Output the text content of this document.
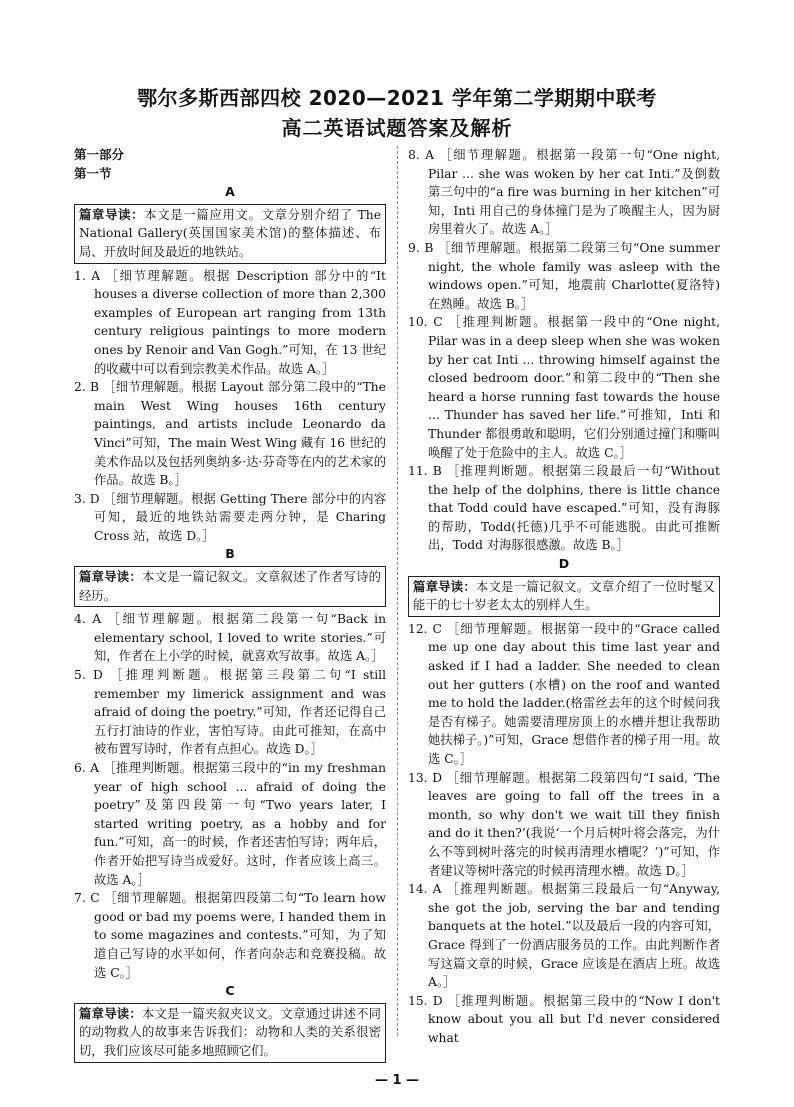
鄂尔多斯西部四校 2020—2021 学年第二学期期中联考
高二英语试题答案及解析
第一部分
第一节
A
篇章导读：本文是一篇应用文。文章分别介绍了 The National Gallery(英国国家美术馆)的整体描述、布局、开放时间及最近的地铁站。

1. A ［细节理解题。根据 Description 部分中的“It houses a diverse collection of more than 2,300 examples of European art ranging from 13th century religious paintings to more modern ones by Renoir and Van Gogh.”可知，在 13 世纪的收藏中可以看到宗教美术作品。故选 A。］

2. B ［细节理解题。根据 Layout 部分第二段中的“The main West Wing houses 16th century paintings, and artists include Leonardo da Vinci”可知，The main West Wing 藏有 16 世纪的美术作品以及包括列奥纳多·达·芬奇等在内的艺术家的作品。故选 B。］

3. D ［细节理解题。根据 Getting There 部分中的内容可知，最近的地铁站需要走两分钟，是 Charing Cross 站，故选 D。］

B
篇章导读：本文是一篇记叙文。文章叙述了作者写诗的经历。

4. A ［细节理解题。根据第二段第一句“Back in elementary school, I loved to write stories.”可知，作者在上小学的时候，就喜欢写故事。故选 A。］

5. D ［推理判断题。根据第三段第二句“I still remember my limerick assignment and was afraid of doing the poetry.”可知，作者还记得自己五行打油诗的作业，害怕写诗。由此可推知，在高中被布置写诗时，作者有点担心。故选 D。］

6. A ［推理判断题。根据第三段中的“in my freshman year of high school ... afraid of doing the poetry”及第四段第一句“Two years later, I started writing poetry, as a hobby and for fun.”可知，高一的时候，作者还害怕写诗；两年后，作者开始把写诗当成爱好。这时，作者应该上高三。故选 A。］

7. C ［细节理解题。根据第四段第二句“To learn how good or bad my poems were, I handed them in to some magazines and contests.”可知，为了知道自己写诗的水平如何，作者向杂志和竞赛投稿。故选 C。］

C
篇章导读：本文是一篇夹叙夹议文。文章通过讲述不同的动物救人的故事来告诉我们：动物和人类的关系很密切，我们应该尽可能多地照顾它们。

8. A ［细节理解题。根据第一段第一句“One night, Pilar ... she was woken by her cat Inti.”及倒数第三句中的“a fire was burning in her kitchen”可知，Inti 用自己的身体撞门是为了唤醒主人，因为厨房里着火了。故选 A。］

9. B ［细节理解题。根据第二段第三句“One summer night, the whole family was asleep with the windows open.”可知，地震前 Charlotte(夏洛特)在熟睡。故选 B。］

10. C ［推理判断题。根据第一段中的“One night, Pilar was in a deep sleep when she was woken by her cat Inti ... throwing himself against the closed bedroom door.”和第二段中的“Then she heard a horse running fast towards the house ... Thunder has saved her life.”可推知，Inti 和 Thunder 都很勇敢和聪明，它们分别通过撞门和嘶叫唤醒了处于危险中的主人。故选 C。］

11. B ［推理判断题。根据第三段最后一句“Without the help of the dolphins, there is little chance that Todd could have escaped.”可知，没有海豚的帮助，Todd(托德)几乎不可能逃脱。由此可推断出，Todd 对海豚很感激。故选 B。］

D
篇章导读：本文是一篇记叙文。文章介绍了一位时髦又能干的七十岁老太太的别样人生。

12. C ［细节理解题。根据第一段中的“Grace called me up one day about this time last year and asked if I had a ladder. She needed to clean out her gutters (水槽) on the roof and wanted me to hold the ladder.(格雷丝去年的这个时候问我是否有梯子。她需要清理房顶上的水槽并想让我帮助她扶梯子。)”可知，Grace 想借作者的梯子用一用。故选 C。］

13. D ［细节理解题。根据第二段第四句“I said, ‘The leaves are going to fall off the trees in a month, so why don't we wait till they finish and do it then?’(我说‘一个月后树叶将会落完，为什么不等到树叶落完的时候再清理水槽呢？’)”可知，作者建议等树叶落完的时候再清理水槽。故选 D。］

14. A ［推理判断题。根据第三段最后一句“Anyway, she got the job, serving the bar and tending banquets at the hotel.”以及最后一段的内容可知，Grace 得到了一份酒店服务员的工作。由此判断作者写这篇文章的时候，Grace 应该是在酒店上班。故选 A。］

15. D ［推理判断题。根据第三段中的“Now I don't know about you all but I'd never considered what

— 1 —
